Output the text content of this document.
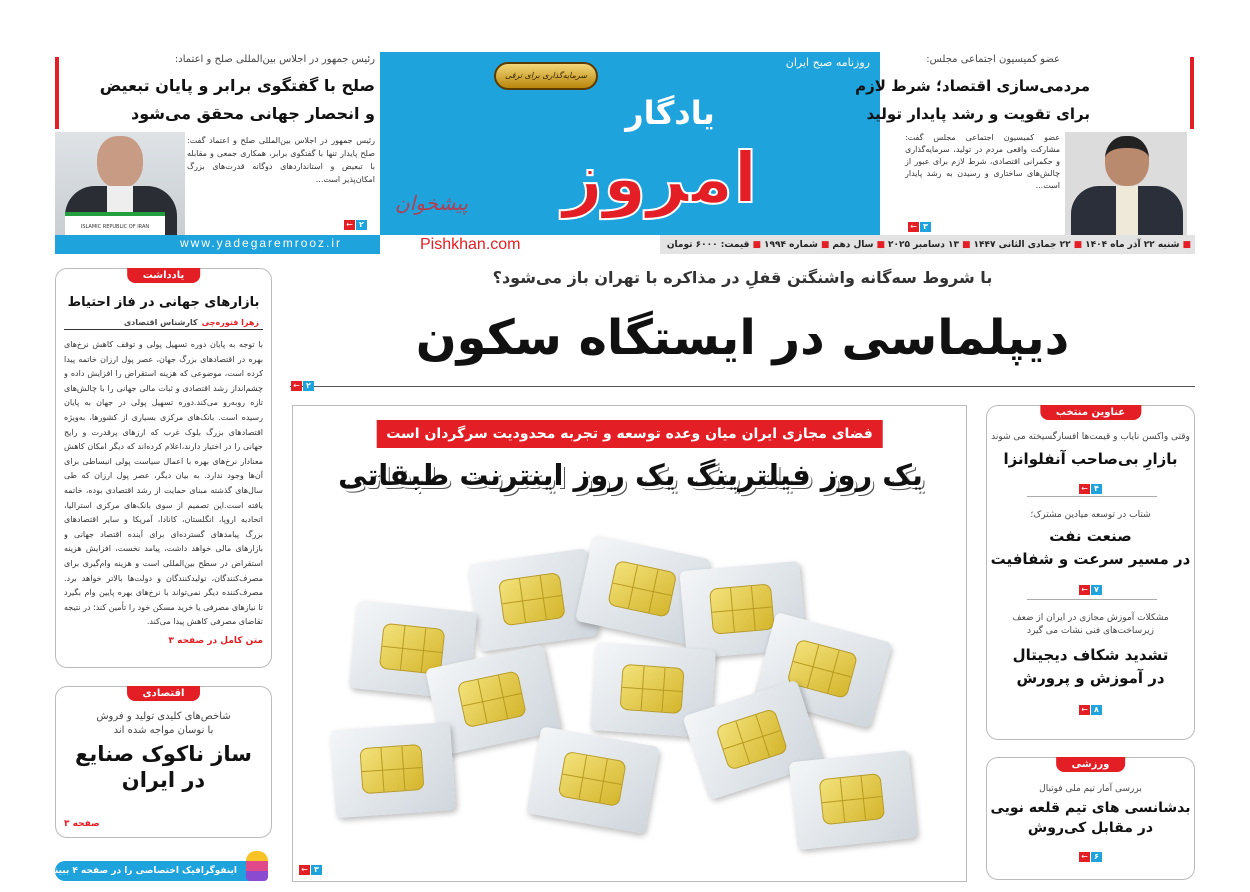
روزنامه صبح ایران
سرمایه‌گذاری برای ترقی
یادگار
امروز
پیشخوان
Pishkhan.com	■
شنبه ۲۲ آذر ماه ۱۴۰۴
■
۲۲ جمادی الثانی ۱۴۴۷
■
۱۳ دسامبر ۲۰۲۵
■
سال دهم
■
شماره ۱۹۹۴
■
قیمت: ۶۰۰۰ تومان
ISLAMIC REPUBLIC OF IRAN
رئیس جمهور در اجلاس بین‌المللی صلح و اعتماد:
صلح با گفتگوی برابر و پایان تبعیض
و انحصار جهانی محقق می‌شود
رئیس جمهور در اجلاس بین‌المللی صلح و اعتماد گفت: صلح پایدار تنها با گفتگوی برابر، همکاری جمعی و مقابله با تبعیض و استانداردهای دوگانه قدرت‌های بزرگ امکان‌پذیر است...
← ۲
www.yadegaremrooz.ir
عضو کمیسیون اجتماعی مجلس:
مردمی‌سازی اقتصاد؛ شرط لازم
برای تقویت و رشد پایدار تولید
عضو کمیسیون اجتماعی مجلس گفت: مشارکت واقعی مردم در تولید، سرمایه‌گذاری و حکمرانی اقتصادی، شرط لازم برای عبور از چالش‌های ساختاری و رسیدن به رشد پایدار است...
← ۳
با شروط سه‌گانه واشنگتن قفلِ در مذاکره با تهران باز می‌شود؟
دیپلماسی در ایستگاه سکون
← ۲
یادداشت
بازارهای جهانی در فاز احتیاط
زهرا فتوره‌چی
کارشناس اقتصادی
با توجه به پایان دوره تسهیل پولی و توقف کاهش نرخ‌های بهره در اقتصادهای بزرگ جهان، عصر پول ارزان خاتمه پیدا کرده است، موضوعی که هزینه استقراض را افزایش داده و چشم‌انداز رشد اقتصادی و ثبات مالی جهانی را با چالش‌های تازه روبه‌رو می‌کند.دوره تسهیل پولی در جهان به پایان رسیده است. بانک‌های مرکزی بسیاری از کشورها، به‌ویژه اقتصادهای بزرگ بلوک غرب که ارزهای پرقدرت و رایج جهانی را در اختیار دارند،اعلام کرده‌اند که دیگر امکان کاهش معنادار نرخ‌های بهره با اعمال سیاست پولی انبساطی برای آن‌ها وجود ندارد. به بیان دیگر، عصر پول ارزان که طی سال‌های گذشته مبنای حمایت از رشد اقتصادی بوده، خاتمه یافته است.این تصمیم از سوی بانک‌های مرکزی استرالیا، اتحادیه اروپا، انگلستان، کانادا، آمریکا و سایر اقتصادهای بزرگ پیامدهای گسترده‌ای برای آینده اقتصاد جهانی و بازارهای مالی خواهد داشت، پیامد نخست، افزایش هزینه استقراض در سطح بین‌المللی است و هزینه وام‌گیری برای مصرف‌کنندگان، تولیدکنندگان و دولت‌ها بالاتر خواهد برد. مصرف‌کننده دیگر نمی‌تواند با نرخ‌های بهره پایین وام بگیرد تا نیازهای مصرفی یا خرید مسکن خود را تأمین کند؛ در نتیجه تقاضای مصرفی کاهش پیدا می‌کند.
متن کامل در صفحه ۳
اقتصادی
شاخص‌های کلیدی تولید و فروش
با نوسان مواجه شده اند
ساز ناکوک صنایع
در ایران
صفحه ۳
اینفوگرافیک اختصاصی را در صفحه ۴ ببینید
فضای مجازی ایران میان وعده توسعه و تجربه محدودیت سرگردان است
یک روز فیلترینگ یک روز اینترنت طبقاتی
← ۳
عناوین منتخب
وقتی واکسن نایاب و قیمت‌ها افسارگسیخته می شوند
بازارِ بی‌صاحب آنفلوانزا
← ۴
شتاب در توسعه میادین مشترک؛
صنعت نفت
در مسیر سرعت و شفافیت
← ۷
مشکلات آموزش مجازی در ایران از ضعف زیرساخت‌های فنی نشات می گیرد
تشدید شکاف دیجیتال
در آموزش و پرورش
← ۸
ورزشی
بررسی آمار تیم ملی فوتبال
بدشانسی های تیم قلعه نویی
در مقابل کی‌روش
← ۶
